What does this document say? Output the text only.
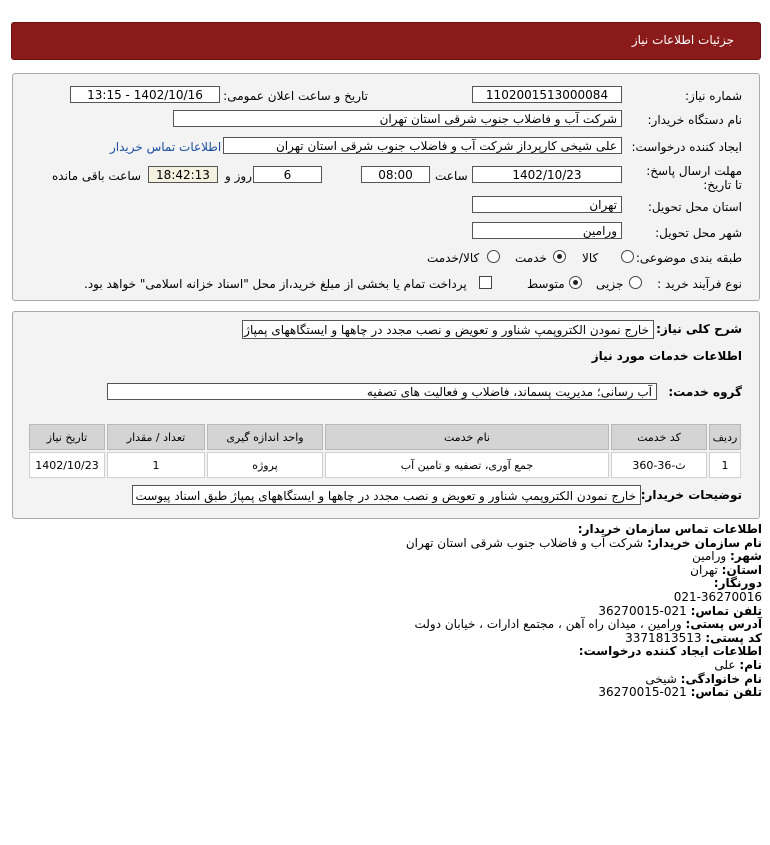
جزئیات اطلاعات نیاز
شماره نیاز:
1102001513000084
تاریخ و ساعت اعلان عمومی:
1402/10/16 - 13:15
نام دستگاه خریدار:
شرکت آب و فاضلاب جنوب شرقی استان تهران
ایجاد کننده درخواست:
علی شیخی کارپرداز شرکت آب و فاضلاب جنوب شرقی استان تهران
اطلاعات تماس خریدار
مهلت ارسال پاسخ: تا تاریخ:
1402/10/23
ساعت
08:00
6
روز و
18:42:13
ساعت باقی مانده
استان محل تحویل:
تهران
شهر محل تحویل:
ورامین
طبقه بندی موضوعی:
کالا
خدمت
کالا/خدمت
نوع فرآیند خرید :
جزیی
متوسط
پرداخت تمام یا بخشی از مبلغ خرید،از محل "اسناد خزانه اسلامی" خواهد بود.
شرح کلی نیاز:
خارج نمودن الکتروپمپ شناور و تعویض و نصب مجدد در چاهها و ایستگاههای پمپاژ
اطلاعات خدمات مورد نیاز
گروه خدمت:
آب رسانی؛ مدیریت پسماند، فاضلاب و فعالیت های تصفیه
ردیف	کد خدمت	نام خدمت	واحد اندازه گیری	تعداد / مقدار	تاریخ نیاز
1	ث-36-360	جمع آوری، تصفیه و تامین آب	پروژه	1	1402/10/23
توضیحات خریدار:
خارج نمودن الکتروپمپ شناور و تعویض و نصب مجدد در چاهها و ایستگاههای پمپاژ طبق اسناد پیوست
اطلاعات تماس سازمان خریدار:
نام سازمان خریدار: شرکت آب و فاضلاب جنوب شرقی استان تهران
شهر: ورامین
استان: تهران
دورنگار:
021-36270016
تلفن تماس: 021-36270015
آدرس پستی: ورامین ، میدان راه آهن ، مجتمع ادارات ، خیابان دولت
کد پستی: 3371813513
اطلاعات ایجاد کننده درخواست:
نام: علی
نام خانوادگی: شیخی
تلفن تماس: 021-36270015
